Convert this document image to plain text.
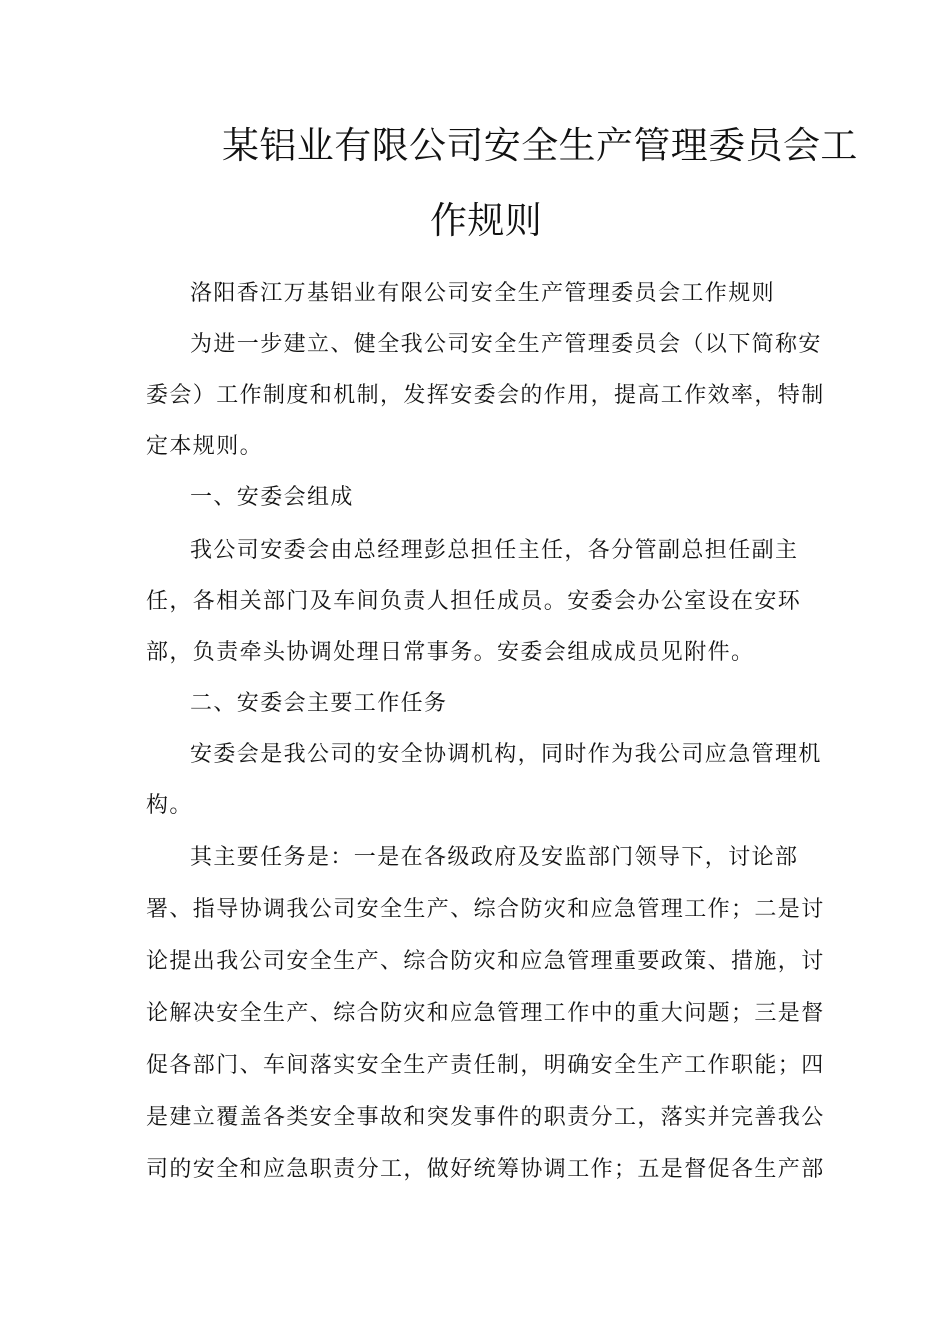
某铝业有限公司安全生产管理委员会工
作规则
洛阳香江万基铝业有限公司安全生产管理委员会工作规则
为进一步建立、健全我公司安全生产管理委员会（以下简称安
委会）工作制度和机制，发挥安委会的作用，提高工作效率，特制
定本规则。
一、安委会组成
我公司安委会由总经理彭总担任主任，各分管副总担任副主
任，各相关部门及车间负责人担任成员。安委会办公室设在安环
部，负责牵头协调处理日常事务。安委会组成成员见附件。
二、安委会主要工作任务
安委会是我公司的安全协调机构，同时作为我公司应急管理机
构。
其主要任务是：一是在各级政府及安监部门领导下，讨论部
署、指导协调我公司安全生产、综合防灾和应急管理工作；二是讨
论提出我公司安全生产、综合防灾和应急管理重要政策、措施，讨
论解决安全生产、综合防灾和应急管理工作中的重大问题；三是督
促各部门、车间落实安全生产责任制，明确安全生产工作职能；四
是建立覆盖各类安全事故和突发事件的职责分工，落实并完善我公
司的安全和应急职责分工，做好统筹协调工作；五是督促各生产部
